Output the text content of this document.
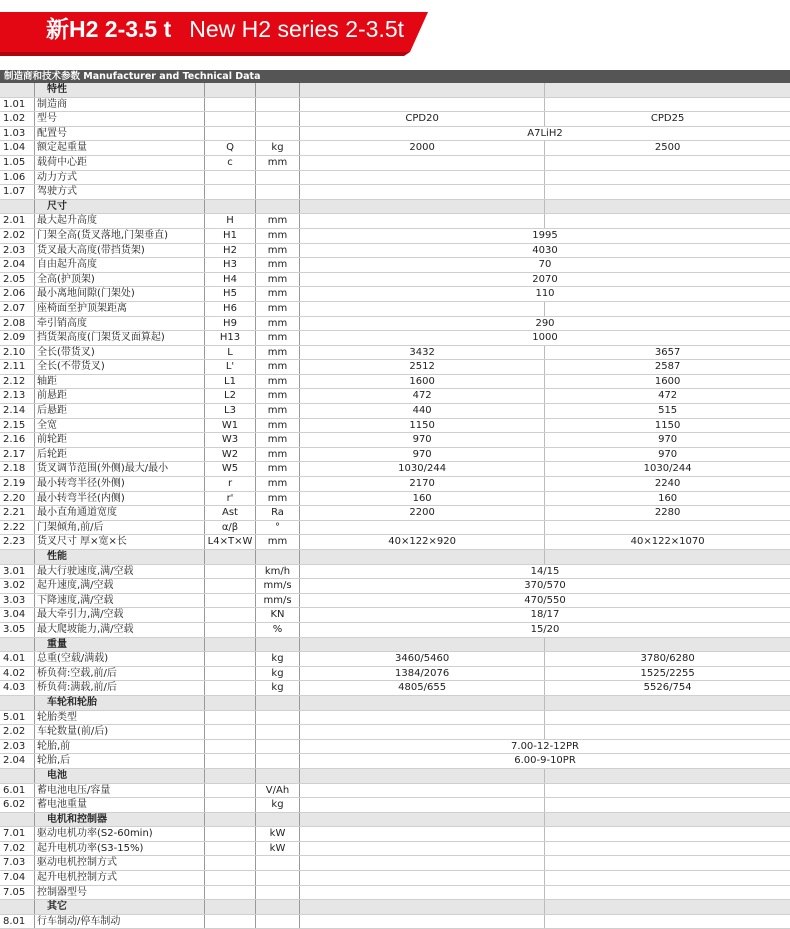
新H2 2-3.5 t New H2 series 2-3.5t
制造商和技术参数 Manufacturer and Technical Data
	特性				
1.01	制造商				
1.02	型号			CPD20	CPD25
1.03	配置号			A7LiH2	
1.04	额定起重量	Q	kg	2000	2500
1.05	载荷中心距	c	mm		
1.06	动力方式				
1.07	驾驶方式				
	尺寸				
2.01	最大起升高度	H	mm		
2.02	门架全高(货叉落地,门架垂直)	H1	mm	1995	
2.03	货叉最大高度(带挡货架)	H2	mm	4030	
2.04	自由起升高度	H3	mm	70	
2.05	全高(护顶架)	H4	mm	2070	
2.06	最小离地间隙(门架处)	H5	mm	110	
2.07	座椅面至护顶架距离	H6	mm		
2.08	牵引销高度	H9	mm	290	
2.09	挡货架高度(门架货叉面算起)	H13	mm	1000	
2.10	全长(带货叉)	L	mm	3432	3657
2.11	全长(不带货叉)	L'	mm	2512	2587
2.12	轴距	L1	mm	1600	1600
2.13	前悬距	L2	mm	472	472
2.14	后悬距	L3	mm	440	515
2.15	全宽	W1	mm	1150	1150
2.16	前轮距	W3	mm	970	970
2.17	后轮距	W2	mm	970	970
2.18	货叉调节范围(外侧)最大/最小	W5	mm	1030/244	1030/244
2.19	最小转弯半径(外侧)	r	mm	2170	2240
2.20	最小转弯半径(内侧)	r'	mm	160	160
2.21	最小直角通道宽度	Ast	Ra	2200	2280
2.22	门架倾角,前/后	α/β	°		
2.23	货叉尺寸 厚×宽×长	L4×T×W	mm	40×122×920	40×122×1070
	性能				
3.01	最大行驶速度,满/空载		km/h	14/15	
3.02	起升速度,满/空载		mm/s	370/570	
3.03	下降速度,满/空载		mm/s	470/550	
3.04	最大牵引力,满/空载		KN	18/17	
3.05	最大爬坡能力,满/空载		%	15/20	
	重量				
4.01	总重(空载/满载)		kg	3460/5460	3780/6280
4.02	桥负荷:空载,前/后		kg	1384/2076	1525/2255
4.03	桥负荷:满载,前/后		kg	4805/655	5526/754
	车轮和轮胎				
5.01	轮胎类型				
2.02	车轮数量(前/后)				
2.03	轮胎,前			7.00-12-12PR	
2.04	轮胎,后			6.00-9-10PR	
	电池				
6.01	蓄电池电压/容量		V/Ah		
6.02	蓄电池重量		kg		
	电机和控制器				
7.01	驱动电机功率(S2-60min)		kW		
7.02	起升电机功率(S3-15%)		kW		
7.03	驱动电机控制方式				
7.04	起升电机控制方式				
7.05	控制器型号				
	其它				
8.01	行车制动/停车制动				
